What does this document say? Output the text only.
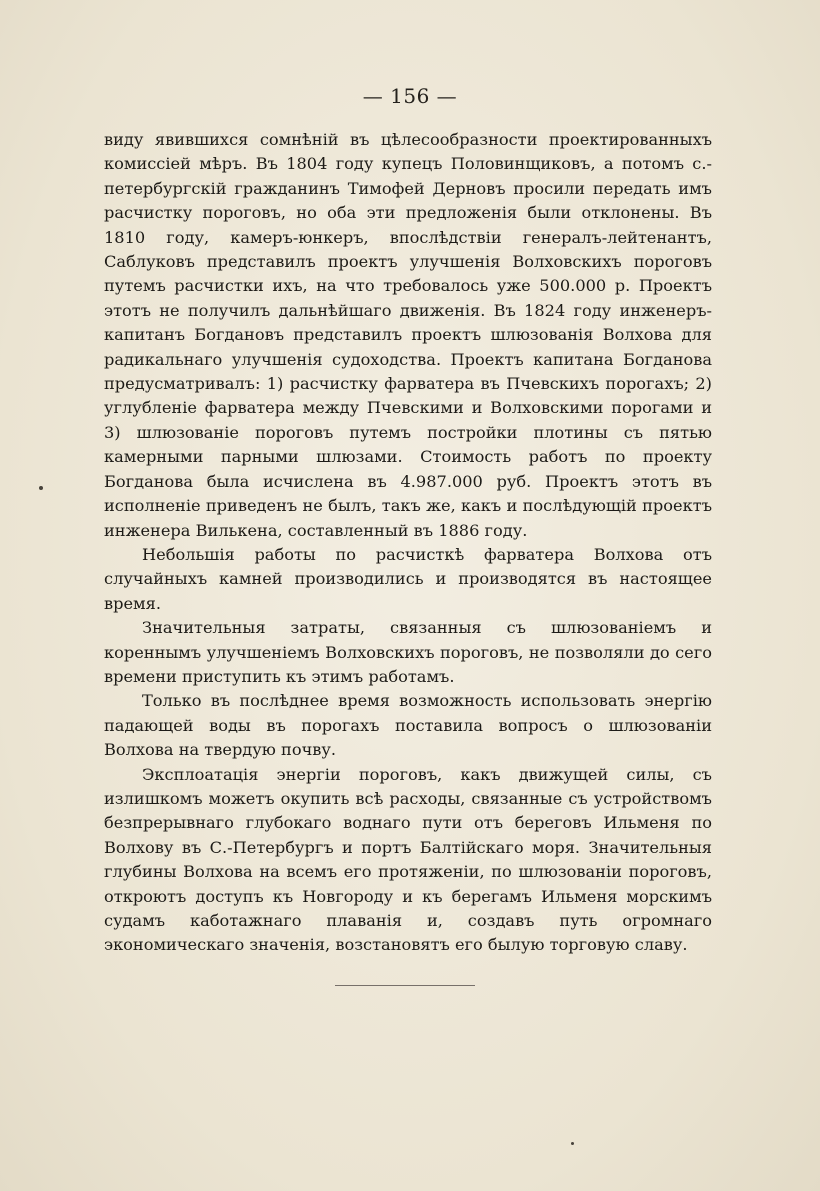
— 156 —

виду явившихся сомнѣній въ цѣлесообразности проектированныхъ комиссіей мѣръ. Въ 1804 году купецъ Половинщиковъ, а потомъ с.-петербургскій гражданинъ Тимофей Дерновъ просили передать имъ расчистку пороговъ, но оба эти предложенія были отклонены. Въ 1810 году, камеръ-юнкеръ, впослѣдствіи генералъ-лейтенантъ, Саблуковъ представилъ проектъ улучшенія Волховскихъ пороговъ путемъ расчистки ихъ, на что требовалось уже 500.000 р. Проектъ этотъ не получилъ дальнѣйшаго движенія. Въ 1824 году инженеръ-капитанъ Богдановъ представилъ проектъ шлюзованія Волхова для радикальнаго улучшенія судоходства. Проектъ капитана Богданова предусматривалъ: 1) расчистку фарватера въ Пчевскихъ порогахъ; 2) углубленіе фарватера между Пчевскими и Волховскими порогами и 3) шлюзованіе пороговъ путемъ постройки плотины съ пятью камерными парными шлюзами. Стоимость работъ по проекту Богданова была исчислена въ 4.987.000 руб. Проектъ этотъ въ исполненіе приведенъ не былъ, такъ же, какъ и послѣдующій проектъ инженера Вилькена, составленный въ 1886 году.

Небольшія работы по расчисткѣ фарватера Волхова отъ случайныхъ камней производились и производятся въ настоящее время.

Значительныя затраты, связанныя съ шлюзованіемъ и кореннымъ улучшеніемъ Волховскихъ пороговъ, не позволяли до сего времени приступить къ этимъ работамъ.

Только въ послѣднее время возможность использовать энергію падающей воды въ порогахъ поставила вопросъ о шлюзованіи Волхова на твердую почву.

Эксплоатація энергіи пороговъ, какъ движущей силы, съ излишкомъ можетъ окупить всѣ расходы, связанные съ устройствомъ безпрерывнаго глубокаго воднаго пути отъ береговъ Ильменя по Волхову въ С.-Петербургъ и портъ Балтійскаго моря. Значительныя глубины Волхова на всемъ его протяженіи, по шлюзованіи пороговъ, откроютъ доступъ къ Новгороду и къ берегамъ Ильменя морскимъ судамъ каботажнаго плаванія и, создавъ путь огромнаго экономическаго значенія, возстановятъ его былую торговую славу.
